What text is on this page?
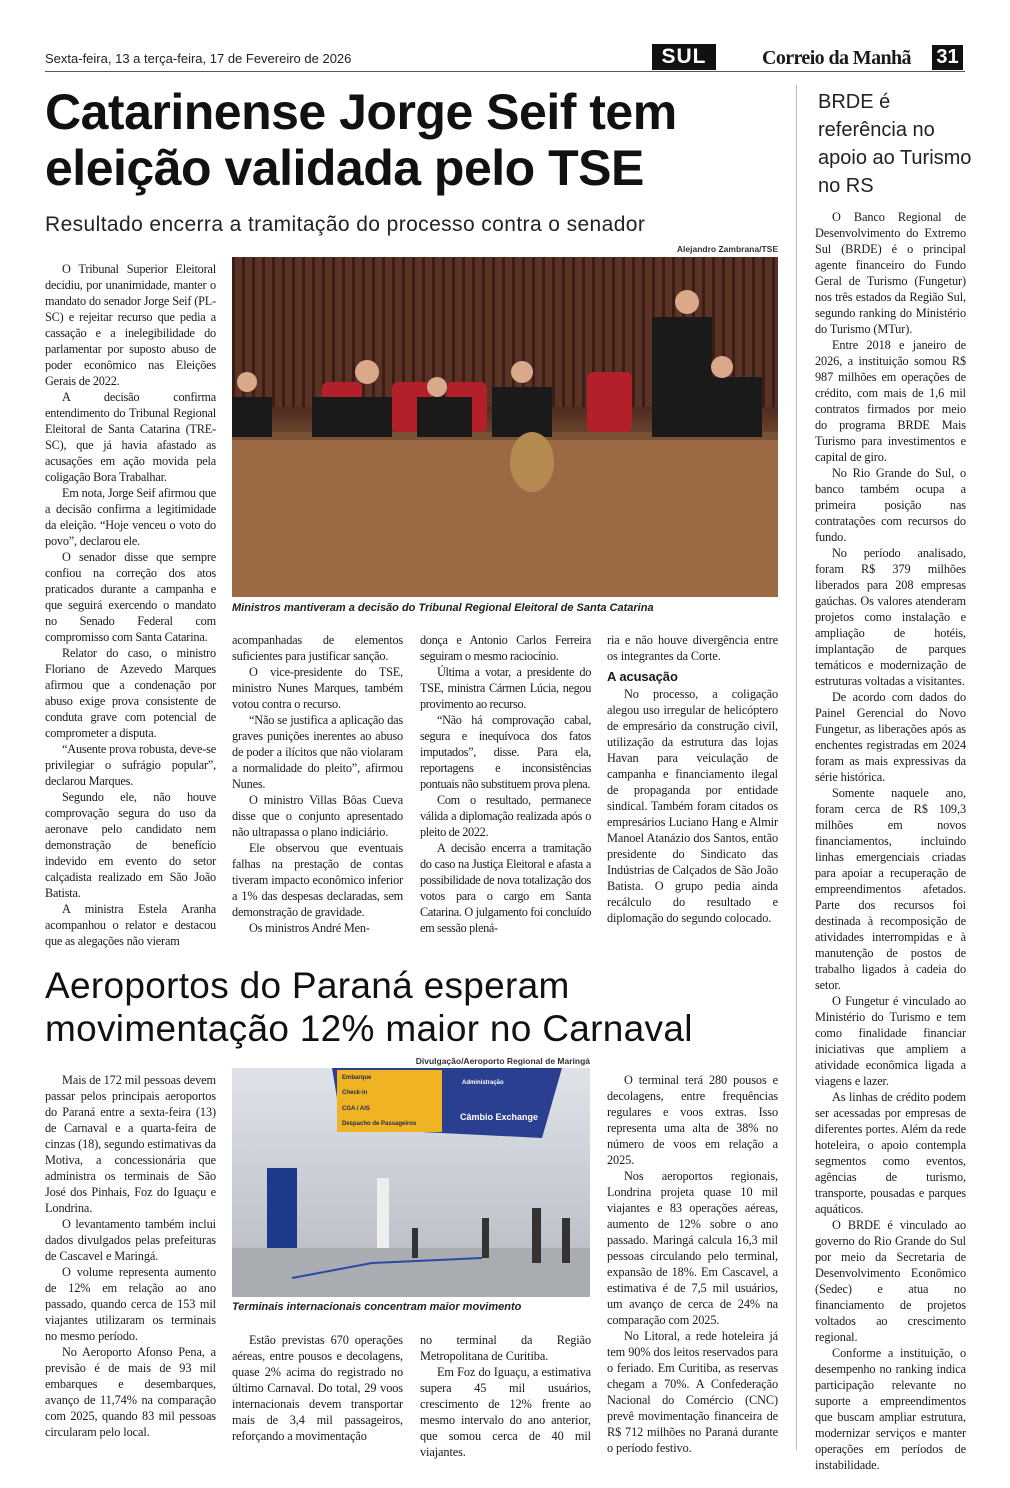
Sexta-feira, 13 a terça-feira, 17 de Fevereiro de 2026	SUL	Correio da Manhã	31
Catarinense Jorge Seif tem eleição validada pelo TSE
Resultado encerra a tramitação do processo contra o senador
Alejandro Zambrana/TSE
Ministros mantiveram a decisão do Tribunal Regional Eleitoral de Santa Catarina

O Tribunal Superior Eleitoral decidiu, por unanimidade, manter o mandato do senador Jorge Seif (PL-SC) e rejeitar recurso que pedia a cassação e a inelegibilidade do parlamentar por suposto abuso de poder econômico nas Eleições Gerais de 2022.

A decisão confirma entendimento do Tribunal Regional Eleitoral de Santa Catarina (TRE-SC), que já havia afastado as acusações em ação movida pela coligação Bora Trabalhar.

Em nota, Jorge Seif afirmou que a decisão confirma a legitimidade da eleição. “Hoje venceu o voto do povo”, declarou ele.

O senador disse que sempre confiou na correção dos atos praticados durante a campanha e que seguirá exercendo o mandato no Senado Federal com compromisso com Santa Catarina.

Relator do caso, o ministro Floriano de Azevedo Marques afirmou que a condenação por abuso exige prova consistente de conduta grave com potencial de comprometer a disputa.

“Ausente prova robusta, deve-se privilegiar o sufrágio popular”, declarou Marques.

Segundo ele, não houve comprovação segura do uso da aeronave pelo candidato nem demonstração de benefício indevido em evento do setor calçadista realizado em São João Batista.

A ministra Estela Aranha acompanhou o relator e destacou que as alegações não vieram

acompanhadas de elementos suficientes para justificar sanção.

O vice-presidente do TSE, ministro Nunes Marques, também votou contra o recurso.

“Não se justifica a aplicação das graves punições inerentes ao abuso de poder a ilícitos que não violaram a normalidade do pleito”, afirmou Nunes.

O ministro Villas Bôas Cueva disse que o conjunto apresentado não ultrapassa o plano indiciário.

Ele observou que eventuais falhas na prestação de contas tiveram impacto econômico inferior a 1% das despesas declaradas, sem demonstração de gravidade.

Os ministros André Men-

donça e Antonio Carlos Ferreira seguiram o mesmo raciocínio.

Última a votar, a presidente do TSE, ministra Cármen Lúcia, negou provimento ao recurso.

“Não há comprovação cabal, segura e inequívoca dos fatos imputados”, disse. Para ela, reportagens e inconsistências pontuais não substituem prova plena.

Com o resultado, permanece válida a diplomação realizada após o pleito de 2022.

A decisão encerra a tramitação do caso na Justiça Eleitoral e afasta a possibilidade de nova totalização dos votos para o cargo em Santa Catarina. O julgamento foi concluído em sessão plená-

ria e não houve divergência entre os integrantes da Corte.

A acusação

No processo, a coligação alegou uso irregular de helicóptero de empresário da construção civil, utilização da estrutura das lojas Havan para veiculação de campanha e financiamento ilegal de propaganda por entidade sindical. Também foram citados os empresários Luciano Hang e Almir Manoel Atanázio dos Santos, então presidente do Sindicato das Indústrias de Calçados de São João Batista. O grupo pedia ainda recálculo do resultado e diplomação do segundo colocado.

BRDE é referência no apoio ao Turismo no RS

O Banco Regional de Desenvolvimento do Extremo Sul (BRDE) é o principal agente financeiro do Fundo Geral de Turismo (Fungetur) nos três estados da Região Sul, segundo ranking do Ministério do Turismo (MTur).

Entre 2018 e janeiro de 2026, a instituição somou R$ 987 milhões em operações de crédito, com mais de 1,6 mil contratos firmados por meio do programa BRDE Mais Turismo para investimentos e capital de giro.

No Rio Grande do Sul, o banco também ocupa a primeira posição nas contratações com recursos do fundo.

No período analisado, foram R$ 379 milhões liberados para 208 empresas gaúchas. Os valores atenderam projetos como instalação e ampliação de hotéis, implantação de parques temáticos e modernização de estruturas voltadas a visitantes.

De acordo com dados do Painel Gerencial do Novo Fungetur, as liberações após as enchentes registradas em 2024 foram as mais expressivas da série histórica.

Somente naquele ano, foram cerca de R$ 109,3 milhões em novos financiamentos, incluindo linhas emergenciais criadas para apoiar a recuperação de empreendimentos afetados. Parte dos recursos foi destinada à recomposição de atividades interrompidas e à manutenção de postos de trabalho ligados à cadeia do setor.

O Fungetur é vinculado ao Ministério do Turismo e tem como finalidade financiar iniciativas que ampliem a atividade econômica ligada a viagens e lazer.

As linhas de crédito podem ser acessadas por empresas de diferentes portes. Além da rede hoteleira, o apoio contempla segmentos como eventos, agências de turismo, transporte, pousadas e parques aquáticos.

O BRDE é vinculado ao governo do Rio Grande do Sul por meio da Secretaria de Desenvolvimento Econômico (Sedec) e atua no financiamento de projetos voltados ao crescimento regional.

Conforme a instituição, o desempenho no ranking indica participação relevante no suporte a empreendimentos que buscam ampliar estrutura, modernizar serviços e manter operações em períodos de instabilidade.

Aeroportos do Paraná esperam movimentação 12% maior no Carnaval
Divulgação/Aeroporto Regional de Maringá
Embarque
Check-in
CGA / AIS
Despacho de Passageiros
Administração
Câmbio Exchange
Terminais internacionais concentram maior movimento

Mais de 172 mil pessoas devem passar pelos principais aeroportos do Paraná entre a sexta-feira (13) de Carnaval e a quarta-feira de cinzas (18), segundo estimativas da Motiva, a concessionária que administra os terminais de São José dos Pinhais, Foz do Iguaçu e Londrina.

O levantamento também inclui dados divulgados pelas prefeituras de Cascavel e Maringá.

O volume representa aumento de 12% em relação ao ano passado, quando cerca de 153 mil viajantes utilizaram os terminais no mesmo período.

No Aeroporto Afonso Pena, a previsão é de mais de 93 mil embarques e desembarques, avanço de 11,74% na comparação com 2025, quando 83 mil pessoas circularam pelo local.

Estão previstas 670 operações aéreas, entre pousos e decolagens, quase 2% acima do registrado no último Carnaval. Do total, 29 voos internacionais devem transportar mais de 3,4 mil passageiros, reforçando a movimentação

no terminal da Região Metropolitana de Curitiba.

Em Foz do Iguaçu, a estimativa supera 45 mil usuários, crescimento de 12% frente ao mesmo intervalo do ano anterior, que somou cerca de 40 mil viajantes.

O terminal terá 280 pousos e decolagens, entre frequências regulares e voos extras. Isso representa uma alta de 38% no número de voos em relação a 2025.

Nos aeroportos regionais, Londrina projeta quase 10 mil viajantes e 83 operações aéreas, aumento de 12% sobre o ano passado. Maringá calcula 16,3 mil pessoas circulando pelo terminal, expansão de 18%. Em Cascavel, a estimativa é de 7,5 mil usuários, um avanço de cerca de 24% na comparação com 2025.

No Litoral, a rede hoteleira já tem 90% dos leitos reservados para o feriado. Em Curitiba, as reservas chegam a 70%. A Confederação Nacional do Comércio (CNC) prevê movimentação financeira de R$ 712 milhões no Paraná durante o período festivo.
